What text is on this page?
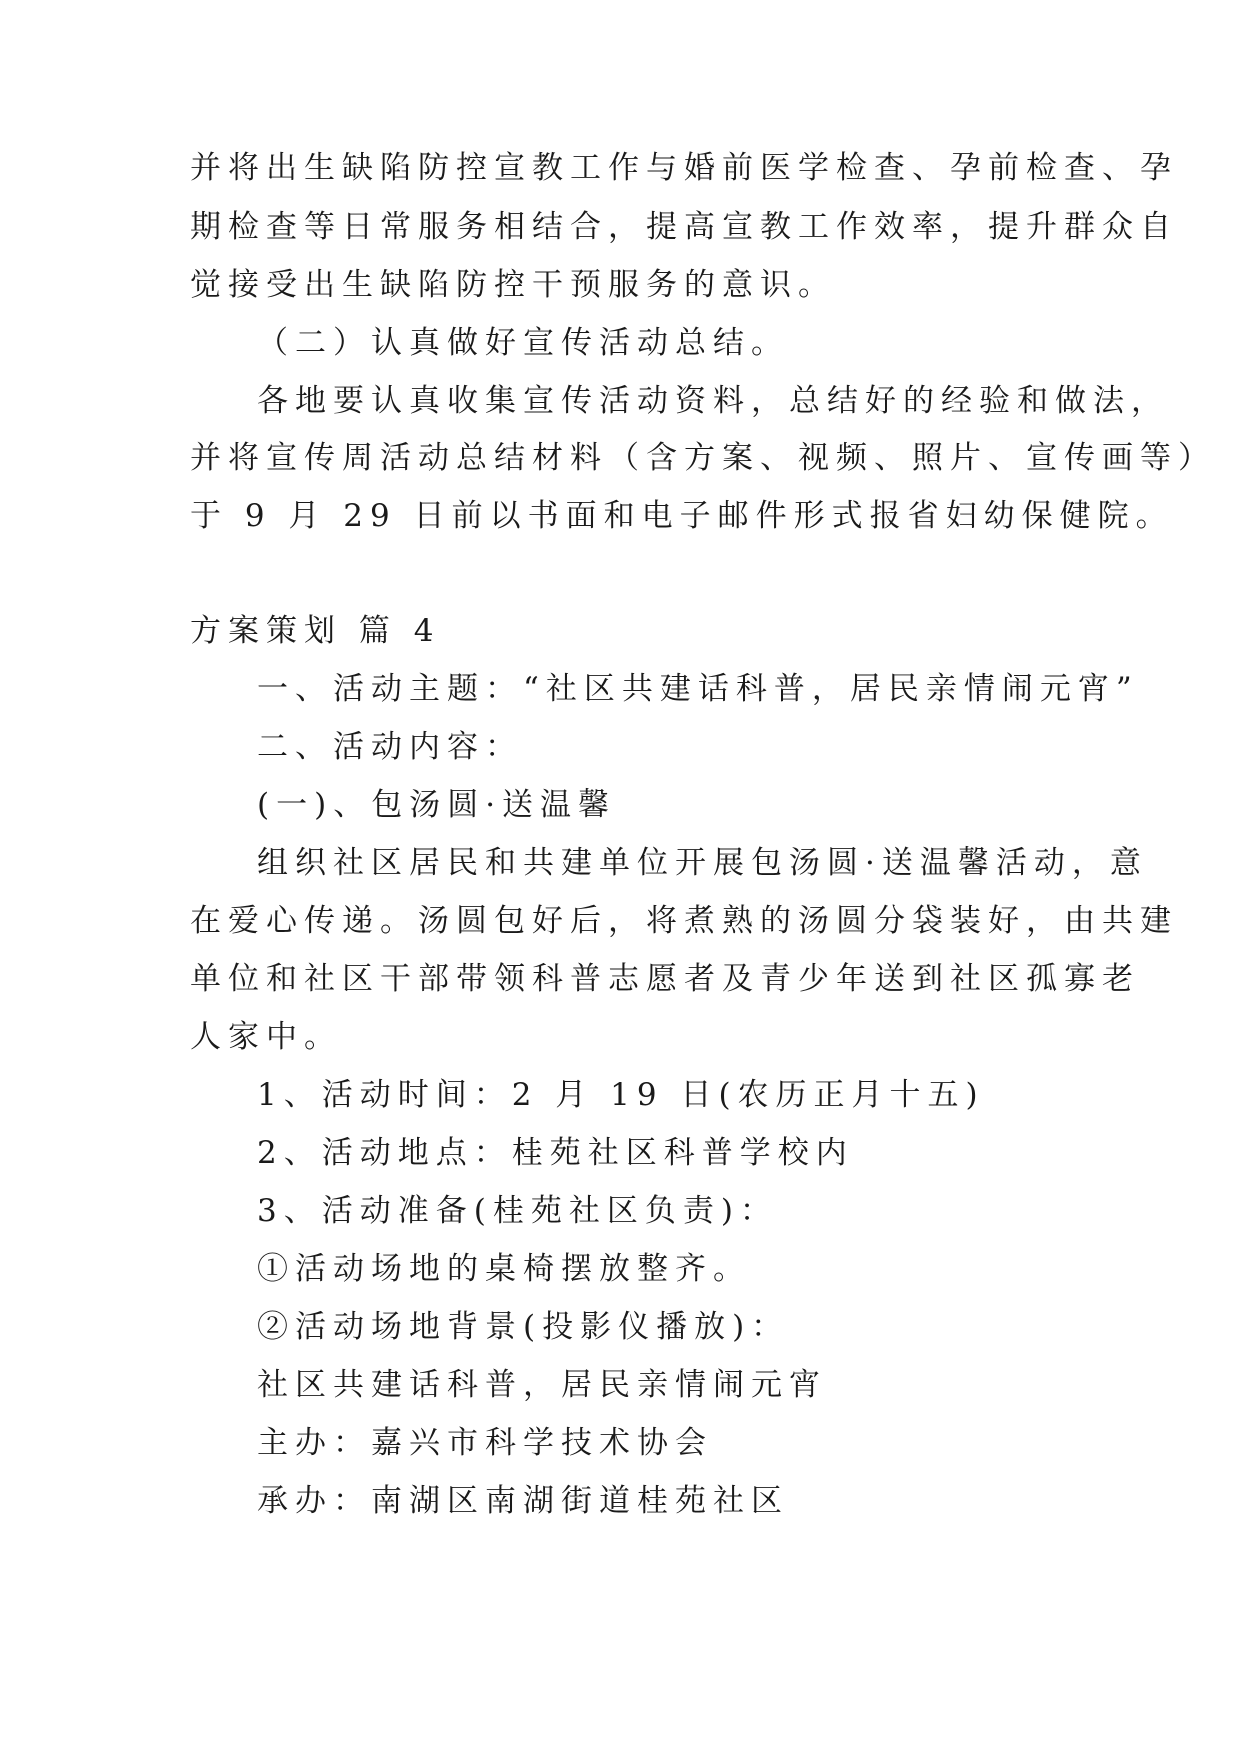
并将出生缺陷防控宣教工作与婚前医学检查、孕前检查、孕
期检查等日常服务相结合，提高宣教工作效率，提升群众自
觉接受出生缺陷防控干预服务的意识。
（二）认真做好宣传活动总结。
各地要认真收集宣传活动资料，总结好的经验和做法，
并将宣传周活动总结材料（含方案、视频、照片、宣传画等）
于 9 月 29 日前以书面和电子邮件形式报省妇幼保健院。
方案策划 篇 4
一、活动主题：“社区共建话科普，居民亲情闹元宵”
二、活动内容：
(一)、包汤圆·送温馨
组织社区居民和共建单位开展包汤圆·送温馨活动，意
在爱心传递。汤圆包好后，将煮熟的汤圆分袋装好，由共建
单位和社区干部带领科普志愿者及青少年送到社区孤寡老
人家中。
1、活动时间：2 月 19 日(农历正月十五)
2、活动地点：桂苑社区科普学校内
3、活动准备(桂苑社区负责)：
①活动场地的桌椅摆放整齐。
②活动场地背景(投影仪播放)：
社区共建话科普，居民亲情闹元宵
主办：嘉兴市科学技术协会
承办：南湖区南湖街道桂苑社区
